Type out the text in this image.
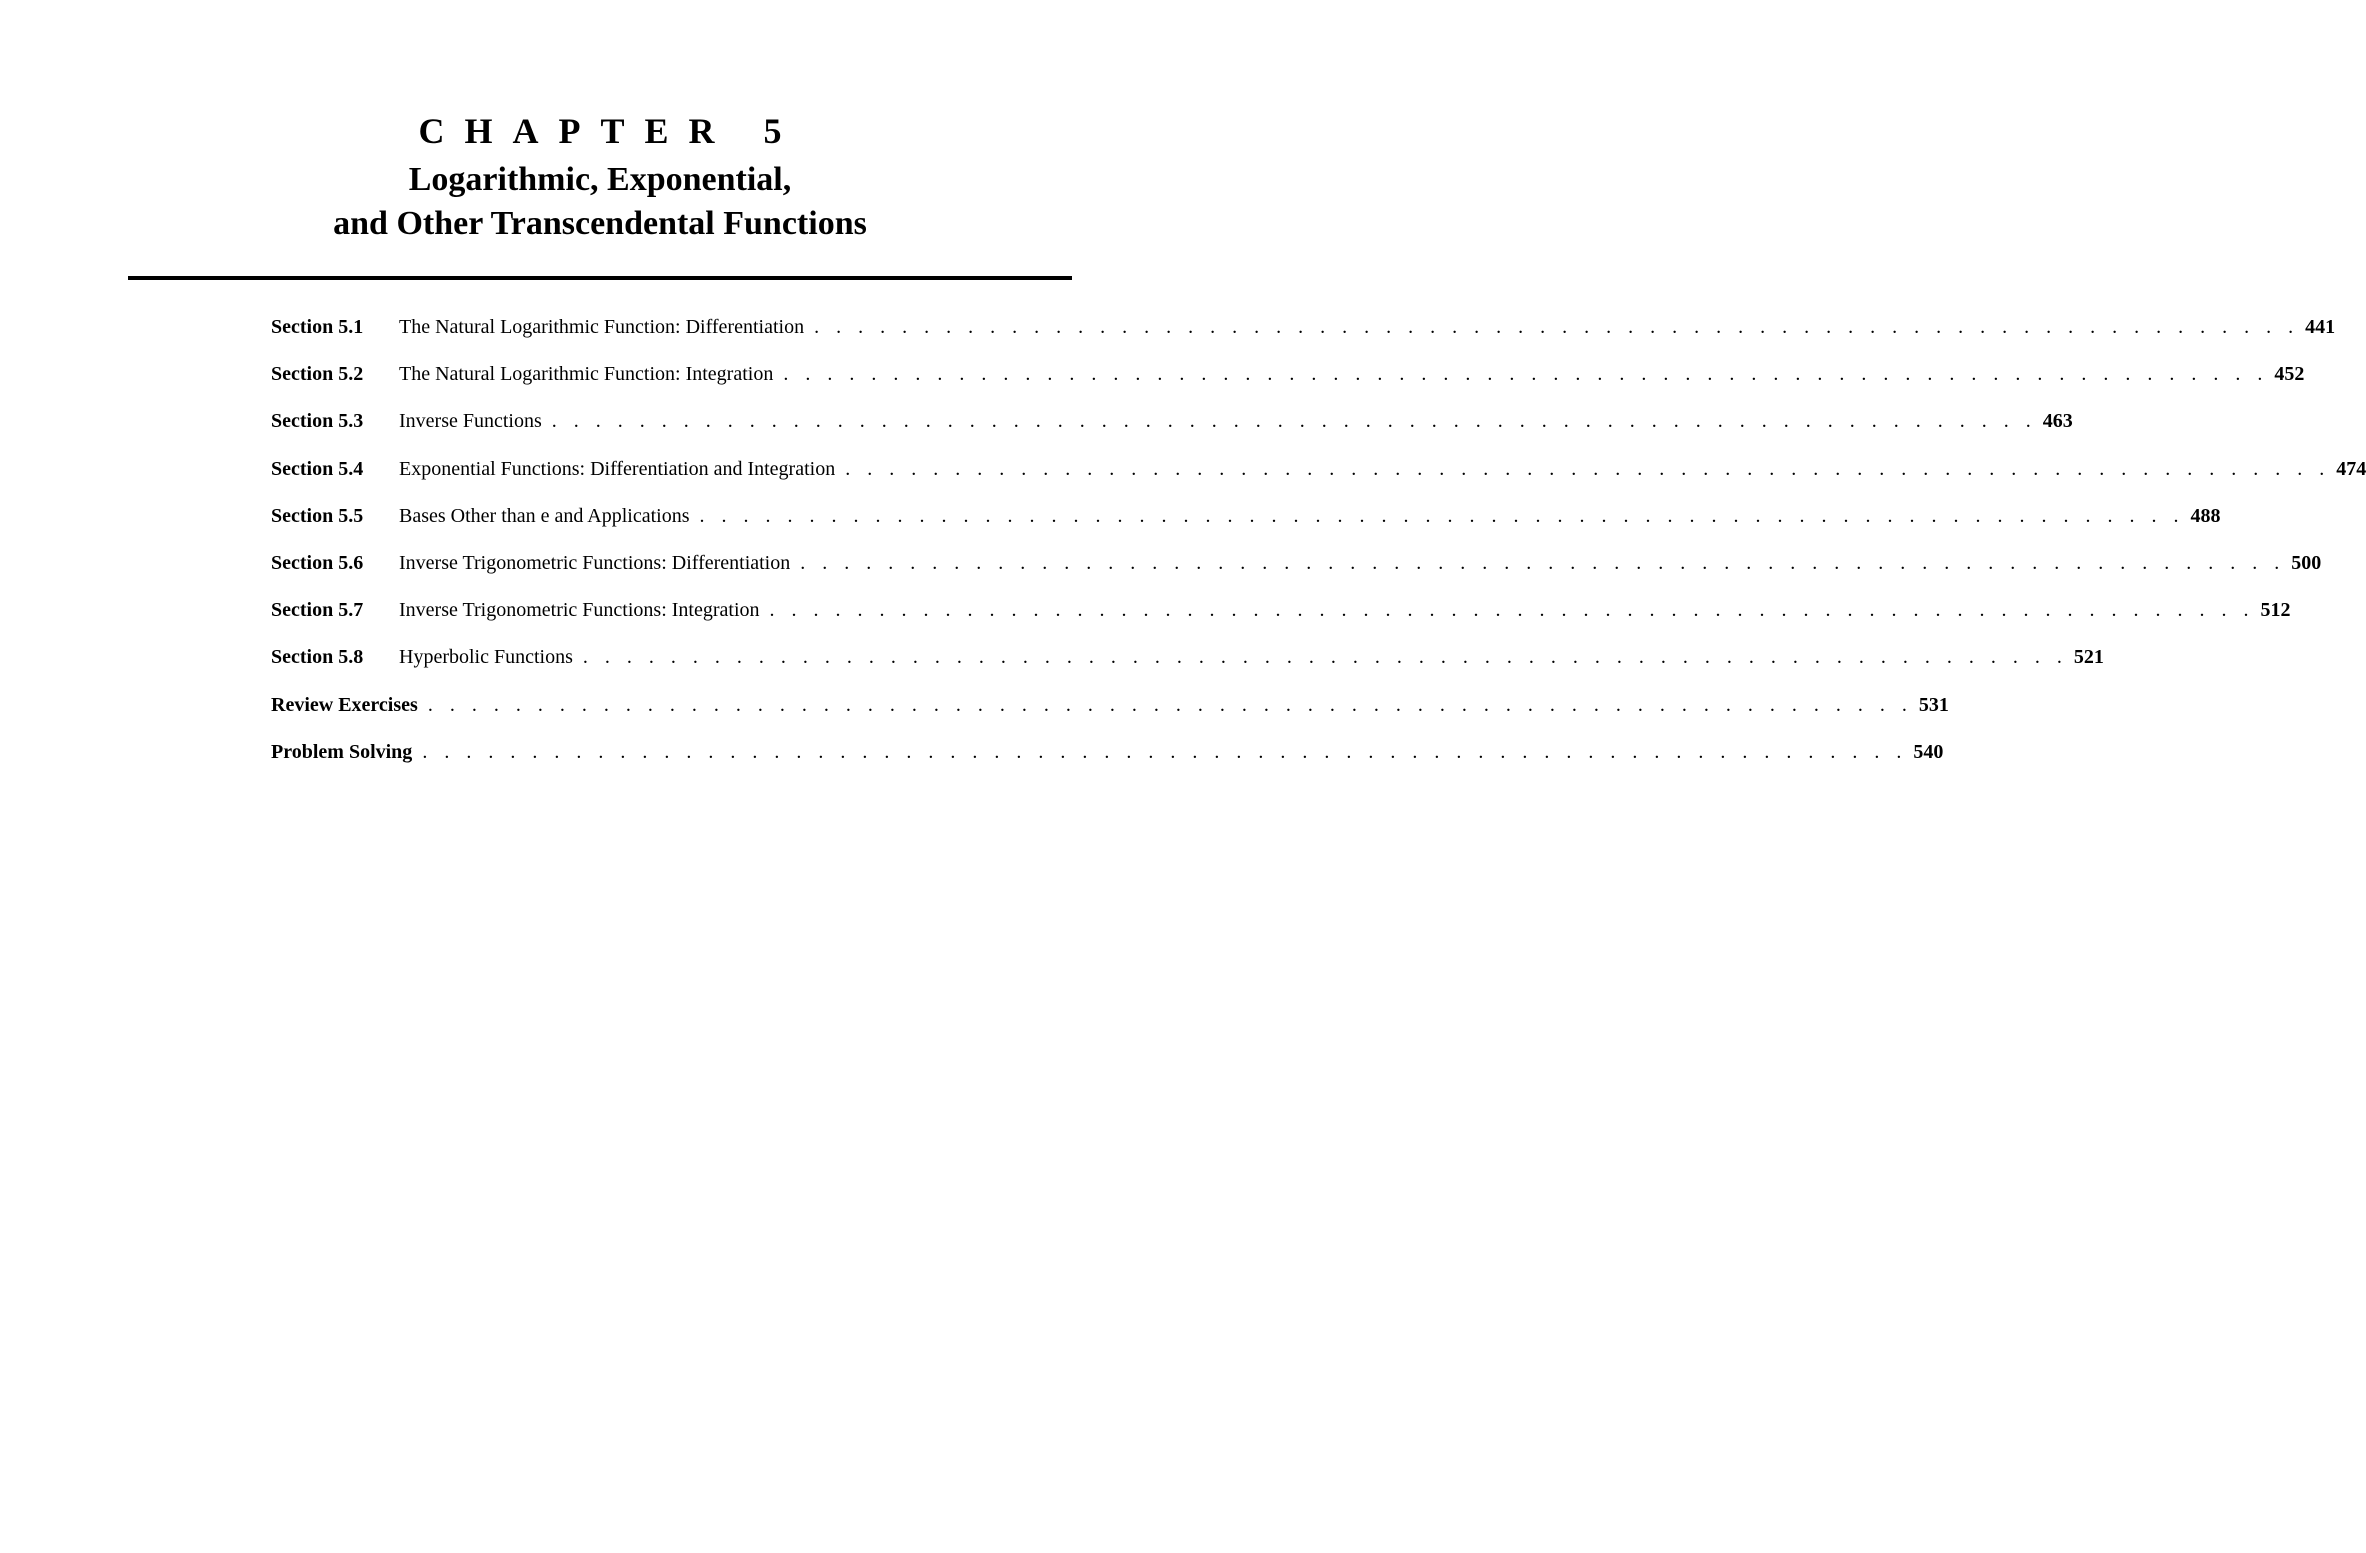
CHAPTER 5
Logarithmic, Exponential,
and Other Transcendental Functions
Section 5.1	The Natural Logarithmic Function: Differentiation . . . . . . . . . . . . . . . . . . . . . . . . . . . . . . . . . . . . . . . . . . . . . . . . . . . . . . . . . . . . . . . . . . . . 441
Section 5.2	The Natural Logarithmic Function: Integration . . . . . . . . . . . . . . . . . . . . . . . . . . . . . . . . . . . . . . . . . . . . . . . . . . . . . . . . . . . . . . . . . . . . 452
Section 5.3	Inverse Functions . . . . . . . . . . . . . . . . . . . . . . . . . . . . . . . . . . . . . . . . . . . . . . . . . . . . . . . . . . . . . . . . . . . . 463
Section 5.4	Exponential Functions: Differentiation and Integration . . . . . . . . . . . . . . . . . . . . . . . . . . . . . . . . . . . . . . . . . . . . . . . . . . . . . . . . . . . . . . . . . . . . 474
Section 5.5	Bases Other than e and Applications . . . . . . . . . . . . . . . . . . . . . . . . . . . . . . . . . . . . . . . . . . . . . . . . . . . . . . . . . . . . . . . . . . . . 488
Section 5.6	Inverse Trigonometric Functions: Differentiation . . . . . . . . . . . . . . . . . . . . . . . . . . . . . . . . . . . . . . . . . . . . . . . . . . . . . . . . . . . . . . . . . . . . 500
Section 5.7	Inverse Trigonometric Functions: Integration . . . . . . . . . . . . . . . . . . . . . . . . . . . . . . . . . . . . . . . . . . . . . . . . . . . . . . . . . . . . . . . . . . . . 512
Section 5.8	Hyperbolic Functions . . . . . . . . . . . . . . . . . . . . . . . . . . . . . . . . . . . . . . . . . . . . . . . . . . . . . . . . . . . . . . . . . . . . 521
Review Exercises . . . . . . . . . . . . . . . . . . . . . . . . . . . . . . . . . . . . . . . . . . . . . . . . . . . . . . . . . . . . . . . . . . . . 531
Problem Solving . . . . . . . . . . . . . . . . . . . . . . . . . . . . . . . . . . . . . . . . . . . . . . . . . . . . . . . . . . . . . . . . . . . . 540
